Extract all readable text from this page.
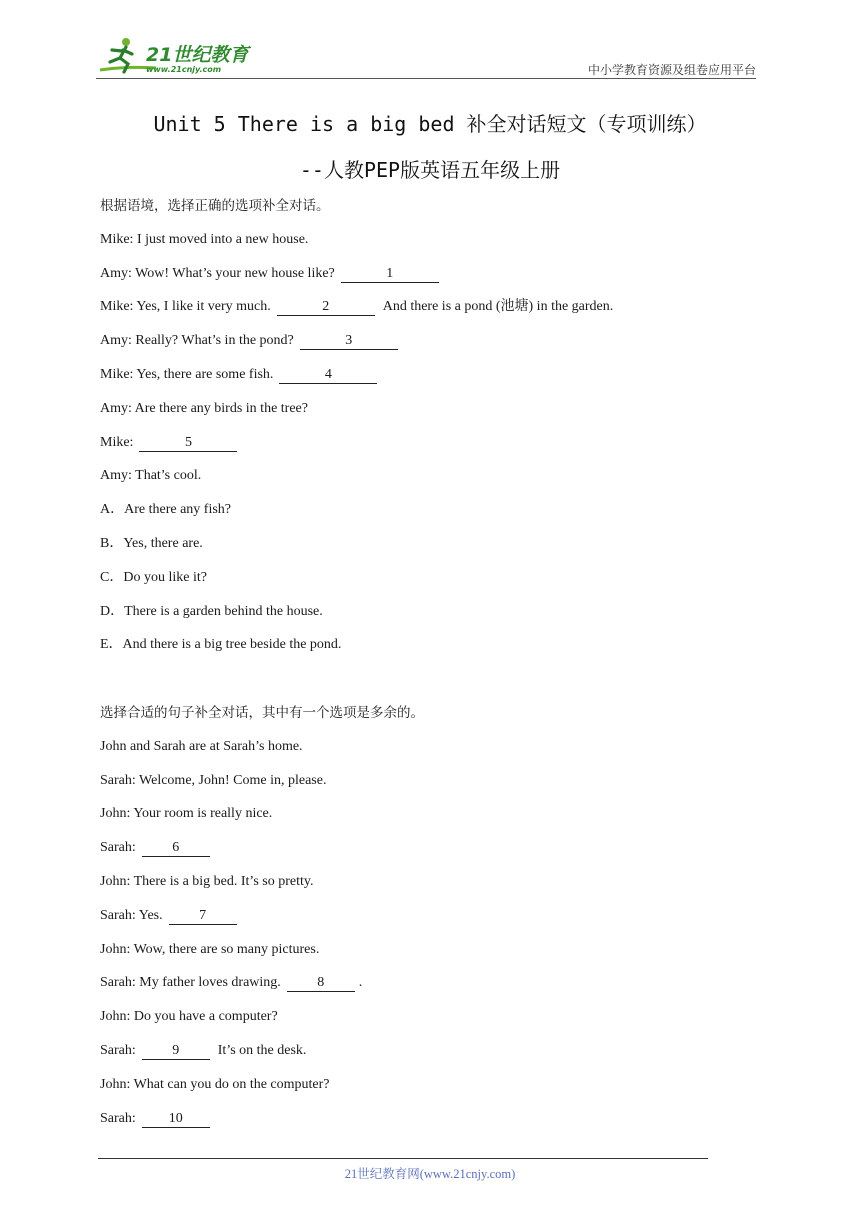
21世纪教育
www.21cnjy.com	中小学教育资源及组卷应用平台
Unit 5 There is a big bed 补全对话短文（专项训练）
--人教PEP版英语五年级上册
根据语境，选择正确的选项补全对话。
Mike: I just moved into a new house.
Amy: Wow! What’s your new house like?	1
Mike: Yes, I like it very much.	2	And there is a pond (池塘) in the garden.
Amy: Really? What’s in the pond?	3
Mike: Yes, there are some fish.	4
Amy: Are there any birds in the tree?
Mike:	5
Amy: That’s cool.
A．Are there any fish?
B．Yes, there are.
C．Do you like it?
D．There is a garden behind the house.
E．And there is a big tree beside the pond.
选择合适的句子补全对话，其中有一个选项是多余的。
John and Sarah are at Sarah’s home.
Sarah: Welcome, John! Come in, please.
John: Your room is really nice.
Sarah:	6
John: There is a big bed. It’s so pretty.
Sarah: Yes.	7
John: Wow, there are so many pictures.
Sarah: My father loves drawing.	8 .
John: Do you have a computer?
Sarah:	9	It’s on the desk.
John: What can you do on the computer?
Sarah: 10
21世纪教育网(www.21cnjy.com)
